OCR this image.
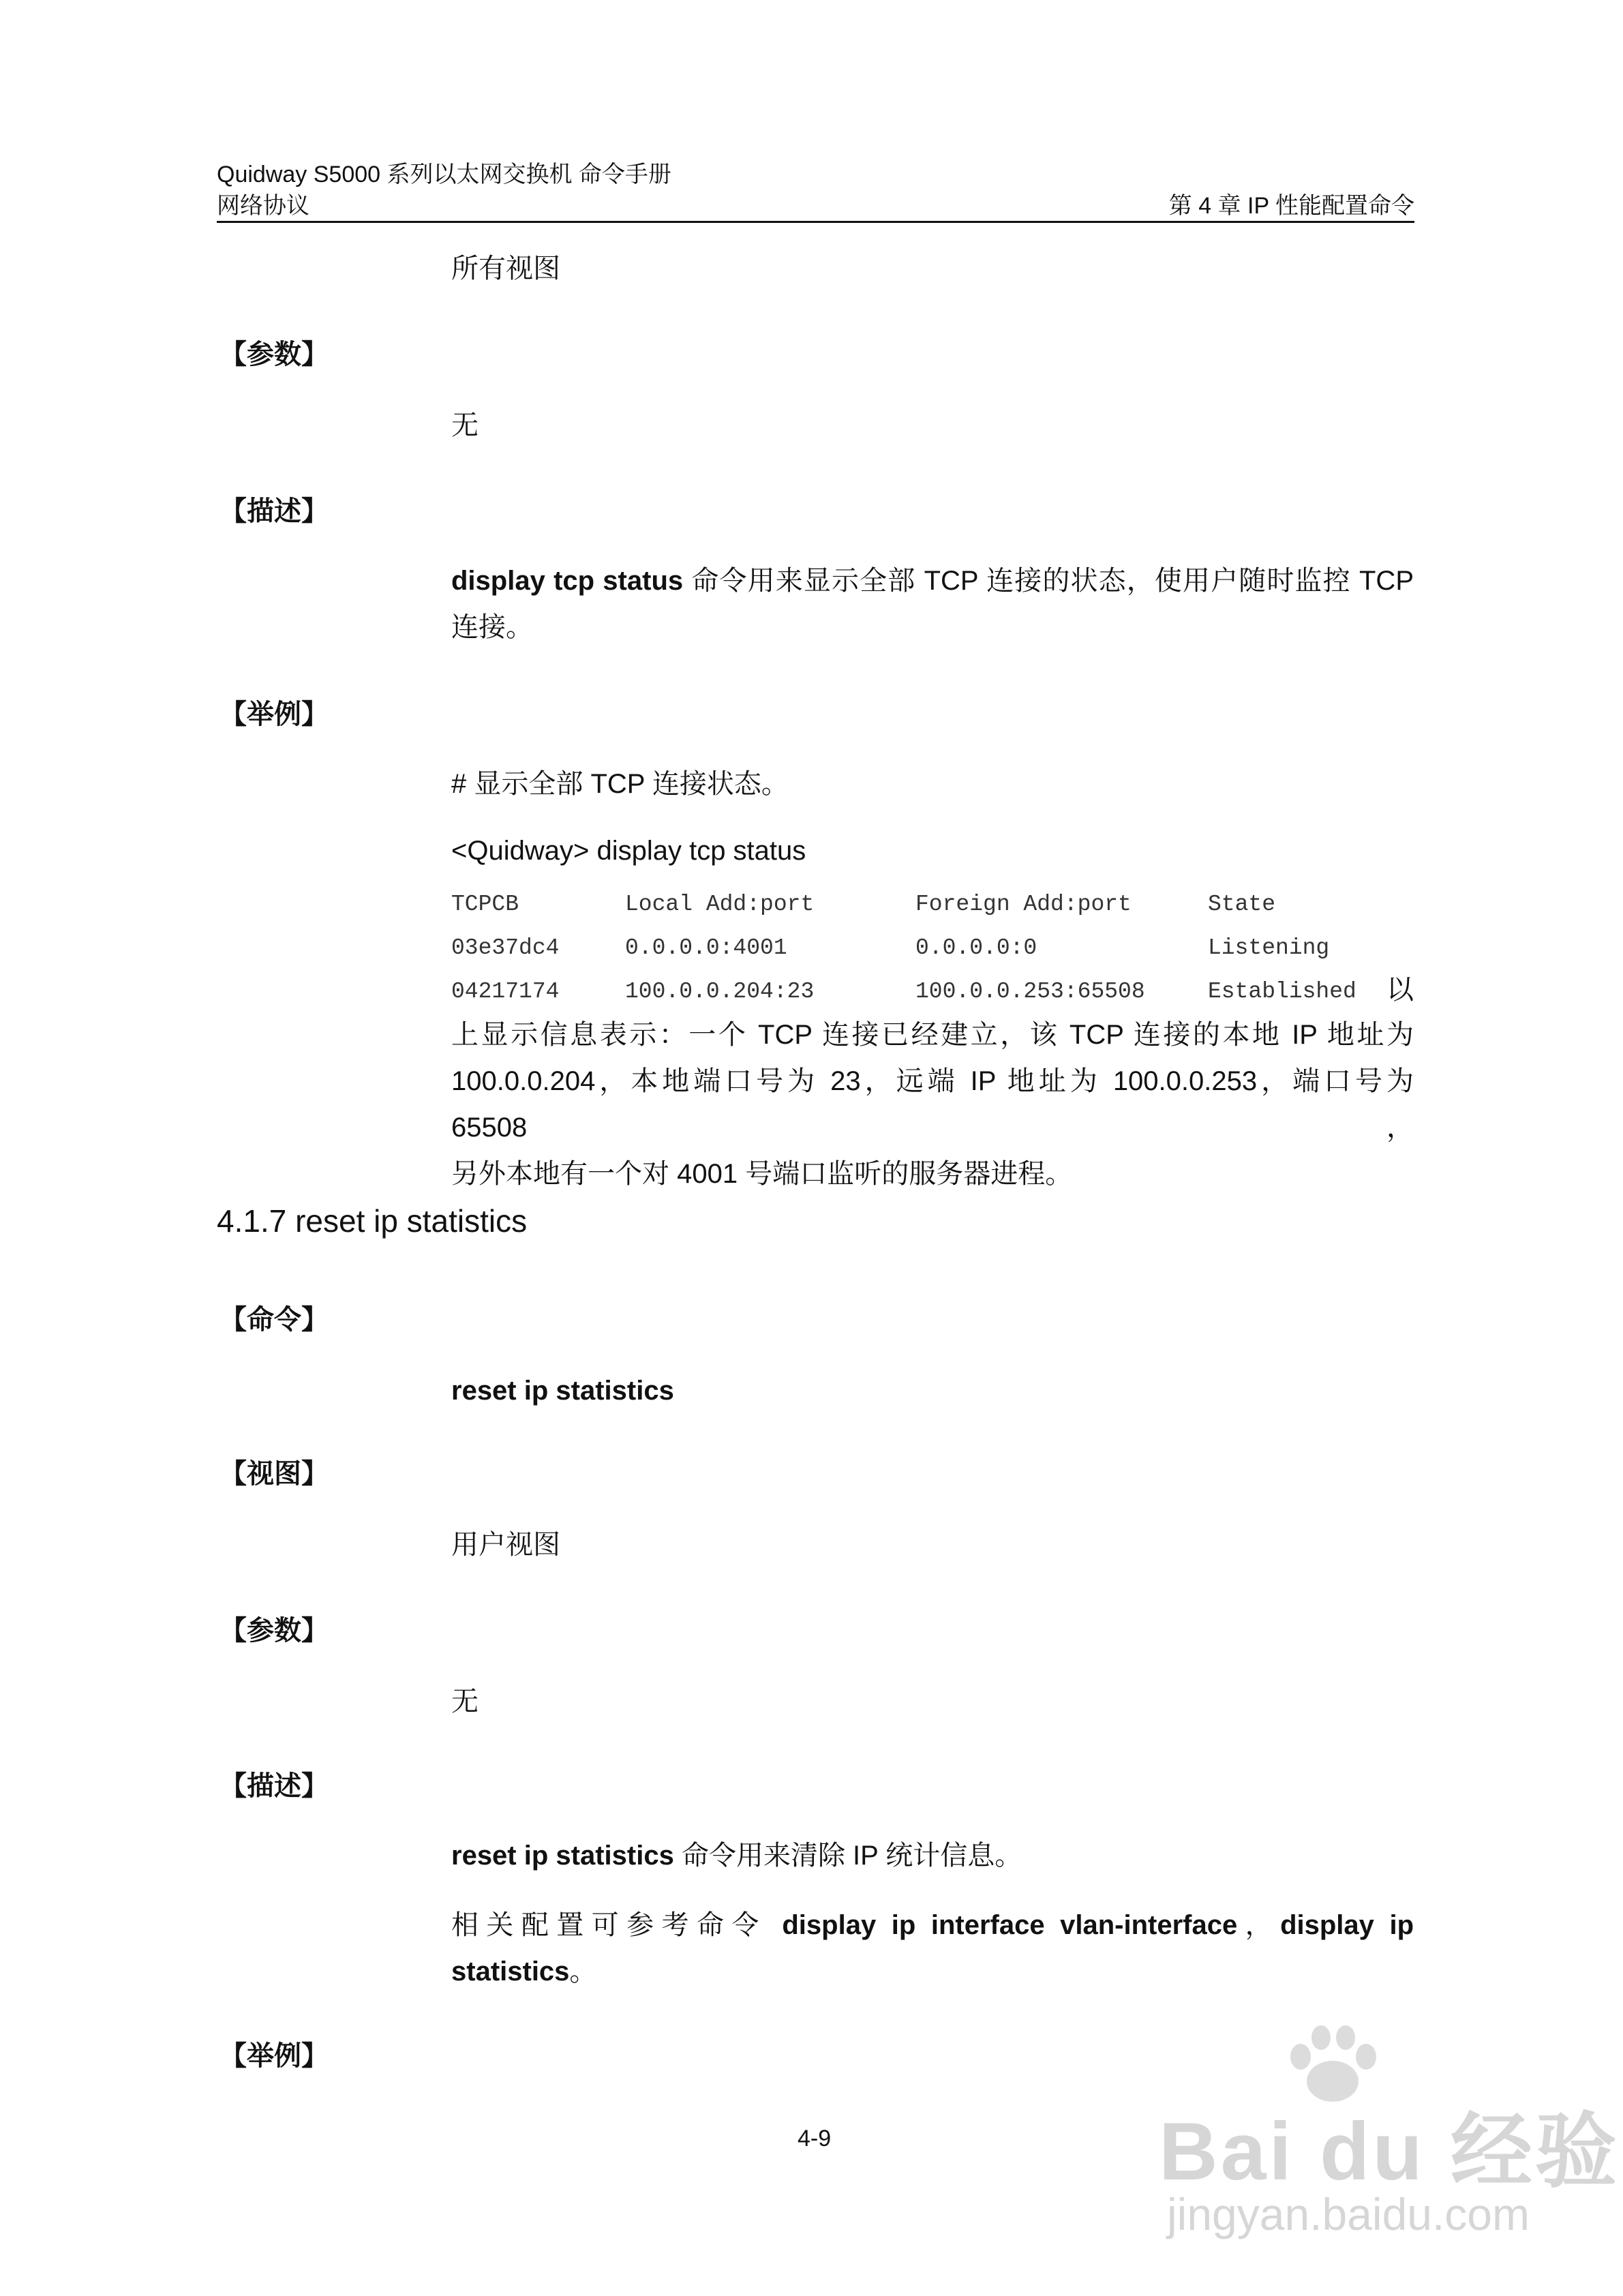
Quidway S5000 系列以太网交换机 命令手册
网络协议	第 4 章 IP 性能配置命令
所有视图
【参数】
无
【描述】
display tcp status 命令用来显示全部 TCP 连接的状态，使用户随时监控 TCP
连接。
【举例】
# 显示全部 TCP 连接状态。
<Quidway> display tcp status
TCPCB	Local Add:port	Foreign Add:port	State
03e37dc4	0.0.0.0:4001	0.0.0.0:0	Listening
04217174	100.0.0.204:23	100.0.0.253:65508	Established 以
上显示信息表示：一个 TCP 连接已经建立，该 TCP 连接的本地 IP 地址为
100.0.0.204，本地端口号为 23，远端 IP 地址为 100.0.0.253，端口号为 65508，
另外本地有一个对 4001 号端口监听的服务器进程。
4.1.7 reset ip statistics
【命令】
reset ip statistics
【视图】
用户视图
【参数】
无
【描述】
reset ip statistics 命令用来清除 IP 统计信息。
相关配置可参考命令 display ip interface vlan-interface，display ip
statistics。
【举例】
4-9	Bai du 经验
jingyan.baidu.com
